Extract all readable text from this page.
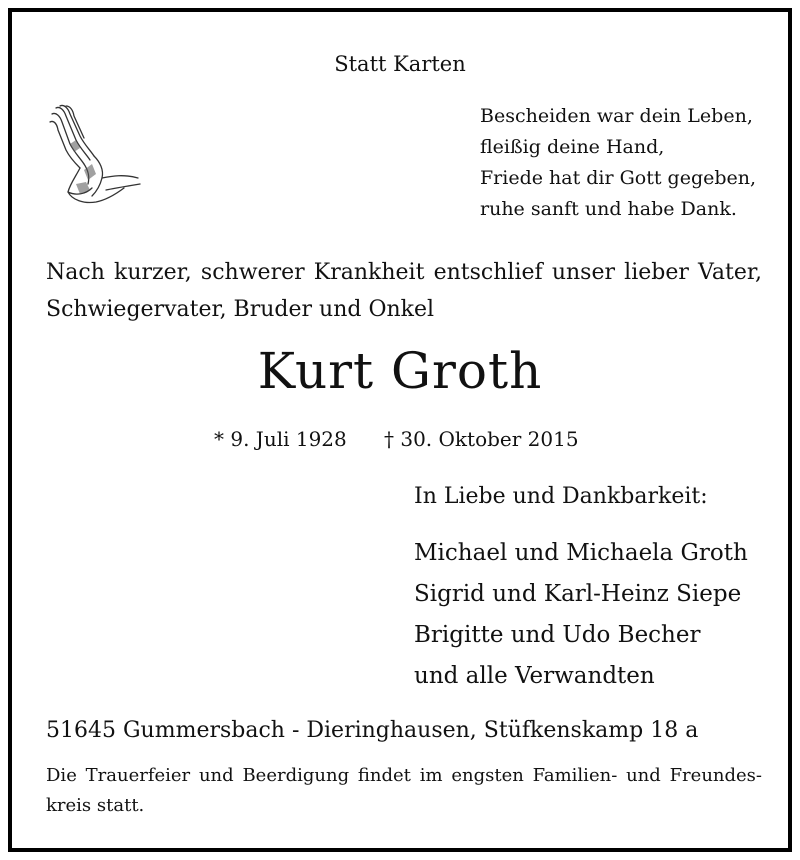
Statt Karten
Bescheiden war dein Leben,
fleißig deine Hand,
Friede hat dir Gott gegeben,
ruhe sanft und habe Dank.
Nach kurzer, schwerer Krankheit entschlief unser lieber Vater,
Schwiegervater, Bruder und Onkel
Kurt Groth
* 9. Juli 1928 † 30. Oktober 2015
In Liebe und Dankbarkeit:
Michael und Michaela Groth
Sigrid und Karl-Heinz Siepe
Brigitte und Udo Becher
und alle Verwandten
51645 Gummersbach - Dieringhausen, Stüfkenskamp 18 a
Die Trauerfeier und Beerdigung findet im engsten Familien- und Freundes-
kreis statt.
